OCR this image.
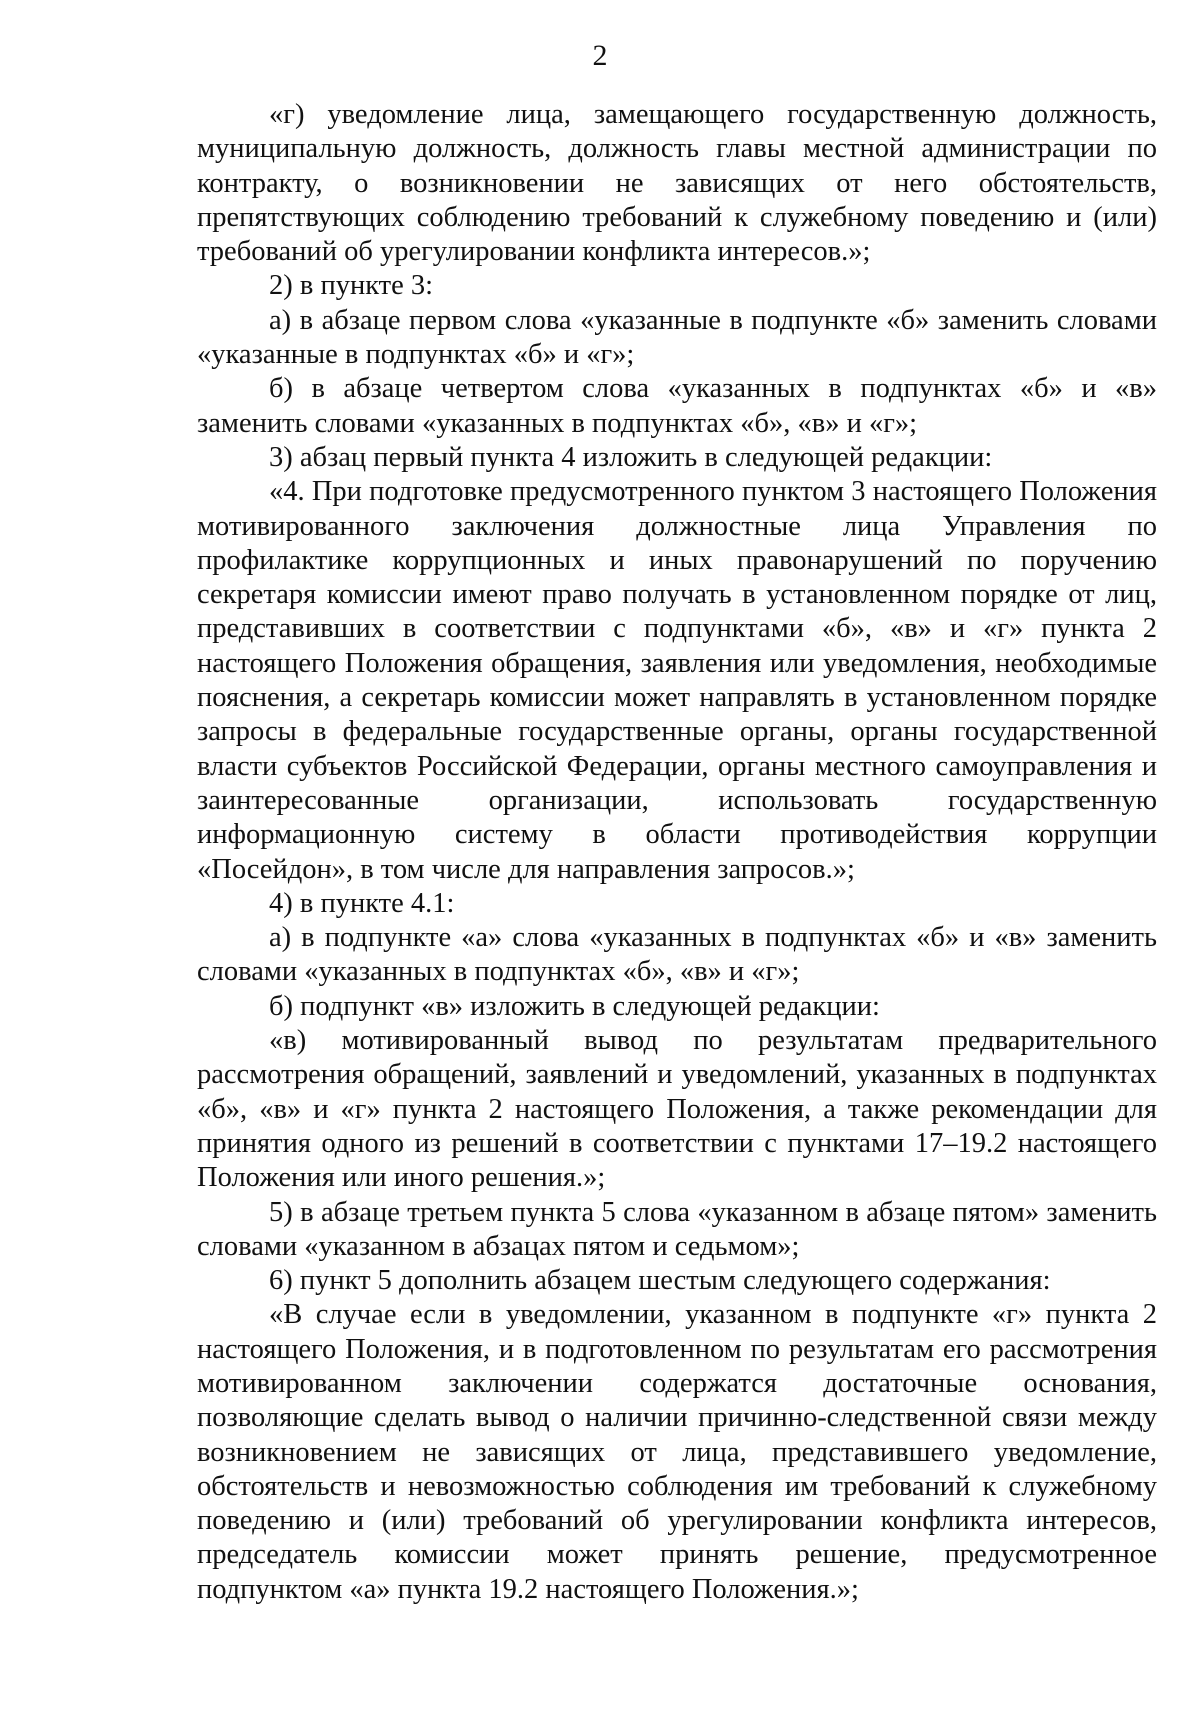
2

«г) уведомление лица, замещающего государственную должность, муниципальную должность, должность главы местной администрации по контракту, о возникновении не зависящих от него обстоятельств, препятствующих соблюдению требований к служебному поведению и (или) требований об урегулировании конфликта интересов.»;

2) в пункте 3:

а) в абзаце первом слова «указанные в подпункте «б» заменить словами «указанные в подпунктах «б» и «г»;

б) в абзаце четвертом слова «указанных в подпунктах «б» и «в» заменить словами «указанных в подпунктах «б», «в» и «г»;

3) абзац первый пункта 4 изложить в следующей редакции:

«4. При подготовке предусмотренного пунктом 3 настоящего Положения мотивированного заключения должностные лица Управления по профилактике коррупционных и иных правонарушений по поручению секретаря комиссии имеют право получать в установленном порядке от лиц, представивших в соответствии с подпунктами «б», «в» и «г» пункта 2 настоящего Положения обращения, заявления или уведомления, необходимые пояснения, а секретарь комиссии может направлять в установленном порядке запросы в федеральные государственные органы, органы государственной власти субъектов Российской Федерации, органы местного самоуправления и заинтересованные организации, использовать государственную информационную систему в области противодействия коррупции «Посейдон», в том числе для направления запросов.»;

4) в пункте 4.1:

а) в подпункте «а» слова «указанных в подпунктах «б» и «в» заменить словами «указанных в подпунктах «б», «в» и «г»;

б) подпункт «в» изложить в следующей редакции:

«в) мотивированный вывод по результатам предварительного рассмотрения обращений, заявлений и уведомлений, указанных в подпунктах «б», «в» и «г» пункта 2 настоящего Положения, а также рекомендации для принятия одного из решений в соответствии с пунктами 17–19.2 настоящего Положения или иного решения.»;

5) в абзаце третьем пункта 5 слова «указанном в абзаце пятом» заменить словами «указанном в абзацах пятом и седьмом»;

6) пункт 5 дополнить абзацем шестым следующего содержания:

«В случае если в уведомлении, указанном в подпункте «г» пункта 2 настоящего Положения, и в подготовленном по результатам его рассмотрения мотивированном заключении содержатся достаточные основания, позволяющие сделать вывод о наличии причинно-следственной связи между возникновением не зависящих от лица, представившего уведомление, обстоятельств и невозможностью соблюдения им требований к служебному поведению и (или) требований об урегулировании конфликта интересов, председатель комиссии может принять решение, предусмотренное подпунктом «а» пункта 19.2 настоящего Положения.»;
